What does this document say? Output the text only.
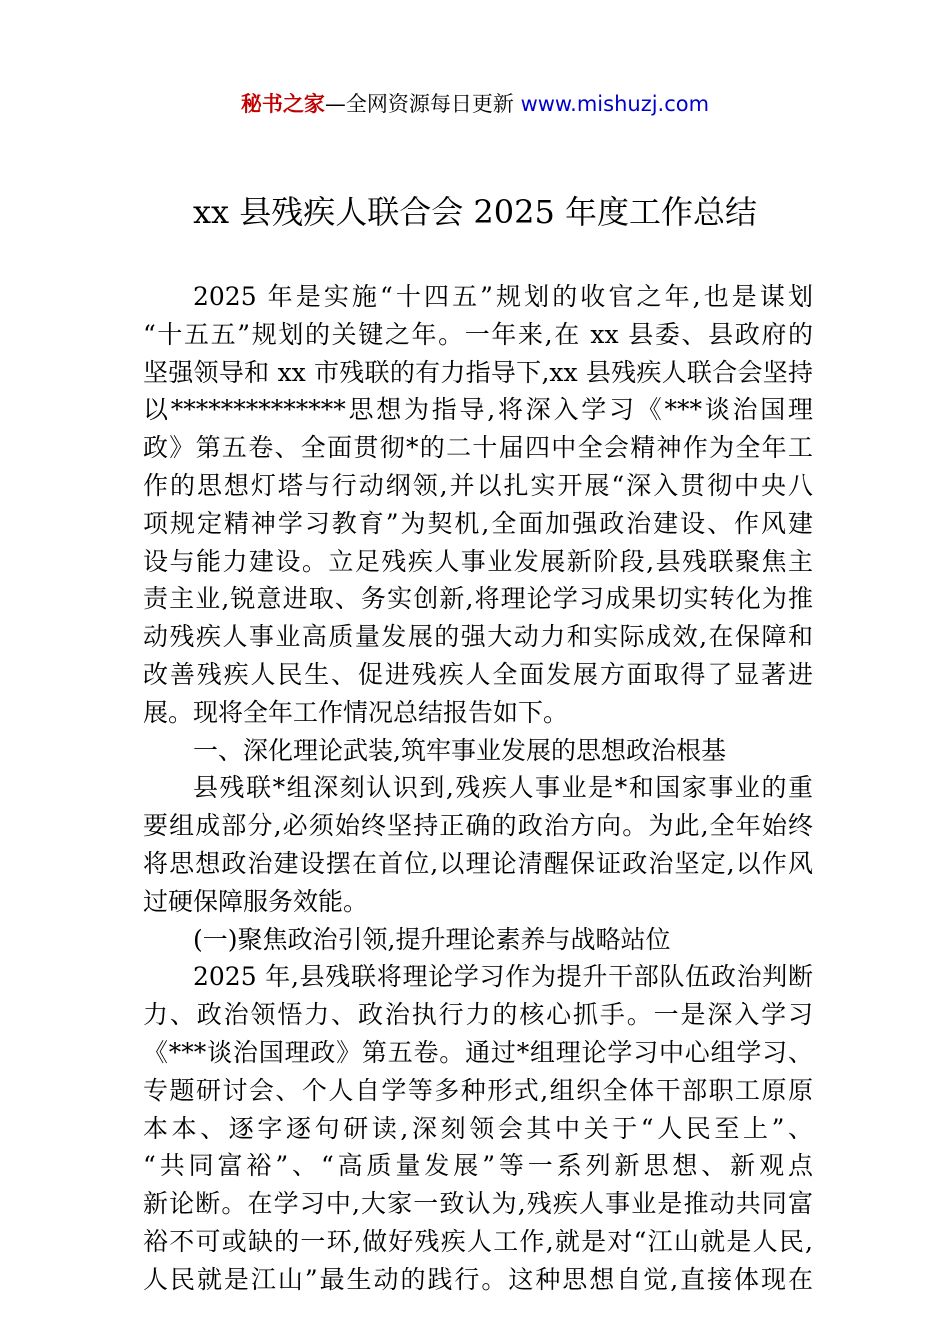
秘书之家—全网资源每日更新 www.mishuzj.com
xx 县残疾人联合会 2025 年度工作总结
2025 年是实施“十四五”规划的收官之年,也是谋划
“十五五”规划的关键之年。一年来,在 xx 县委、县政府的
坚强领导和 xx 市残联的有力指导下,xx 县残疾人联合会坚持
以**************思想为指导,将深入学习《***谈治国理
政》第五卷、全面贯彻*的二十届四中全会精神作为全年工
作的思想灯塔与行动纲领,并以扎实开展“深入贯彻中央八
项规定精神学习教育”为契机,全面加强政治建设、作风建
设与能力建设。立足残疾人事业发展新阶段,县残联聚焦主
责主业,锐意进取、务实创新,将理论学习成果切实转化为推
动残疾人事业高质量发展的强大动力和实际成效,在保障和
改善残疾人民生、促进残疾人全面发展方面取得了显著进
展。现将全年工作情况总结报告如下。
一、深化理论武装,筑牢事业发展的思想政治根基
县残联*组深刻认识到,残疾人事业是*和国家事业的重
要组成部分,必须始终坚持正确的政治方向。为此,全年始终
将思想政治建设摆在首位,以理论清醒保证政治坚定,以作风
过硬保障服务效能。
(一)聚焦政治引领,提升理论素养与战略站位
2025 年,县残联将理论学习作为提升干部队伍政治判断
力、政治领悟力、政治执行力的核心抓手。一是深入学习
《***谈治国理政》第五卷。通过*组理论学习中心组学习、
专题研讨会、个人自学等多种形式,组织全体干部职工原原
本本、逐字逐句研读,深刻领会其中关于“人民至上”、
“共同富裕”、“高质量发展”等一系列新思想、新观点
新论断。在学习中,大家一致认为,残疾人事业是推动共同富
裕不可或缺的一环,做好残疾人工作,就是对“江山就是人民,
人民就是江山”最生动的践行。这种思想自觉,直接体现在
